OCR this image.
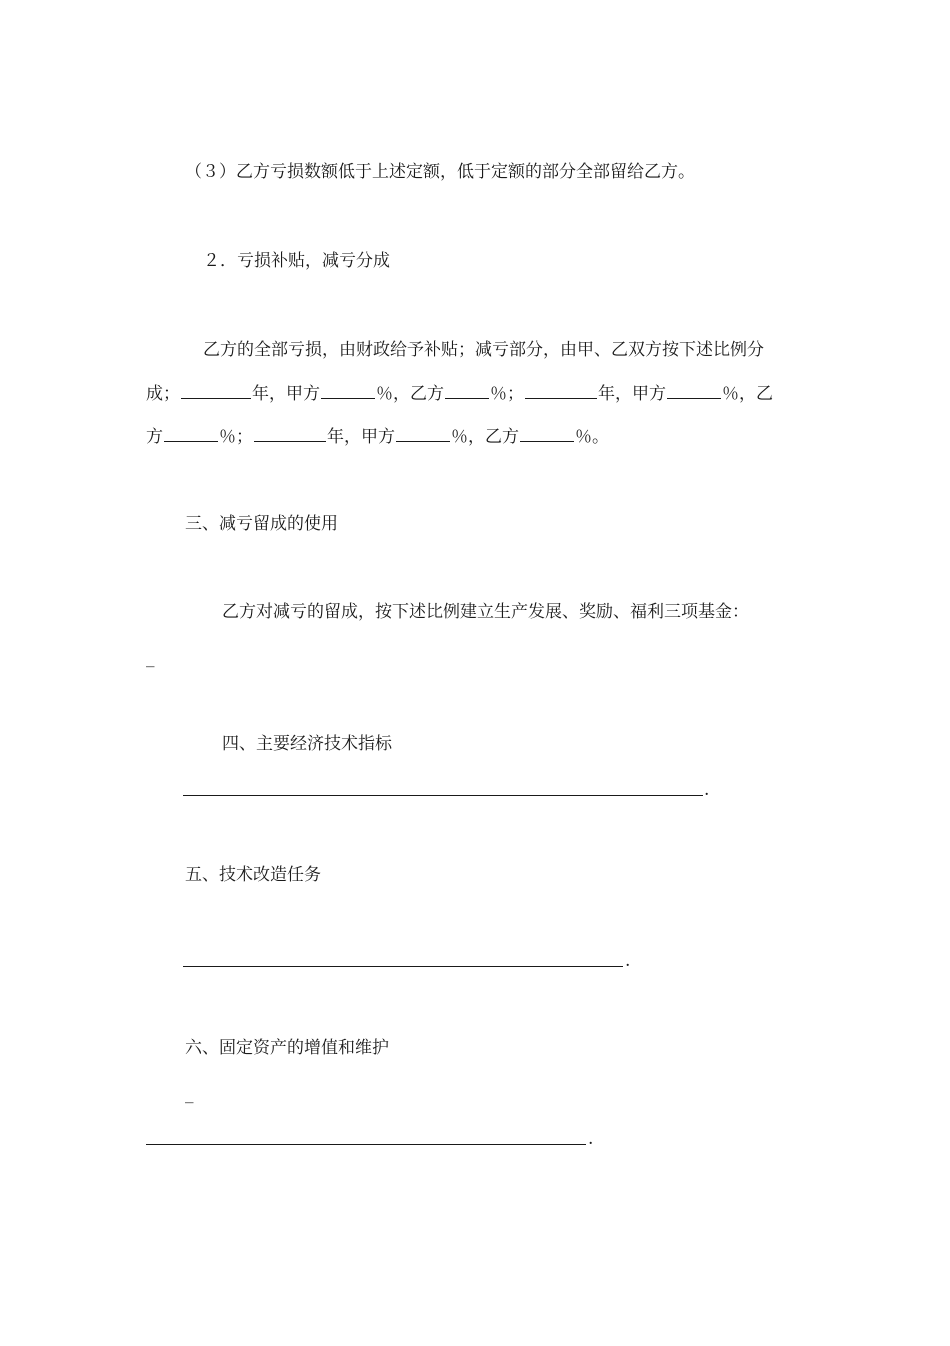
（３）乙方亏损数额低于上述定额，低于定额的部分全部留给乙方。
２．亏损补贴，减亏分成
乙方的全部亏损，由财政给予补贴；减亏部分，由甲、乙双方按下述比例分
成；	年，甲方	％，乙方	％；	年，甲方	％，乙
方	％；	年，甲方	％，乙方	％。
三、减亏留成的使用
乙方对减亏的留成，按下述比例建立生产发展、奖励、福利三项基金：
_
四、主要经济技术指标
.
五、技术改造任务
.
六、固定资产的增值和维护
_
.
